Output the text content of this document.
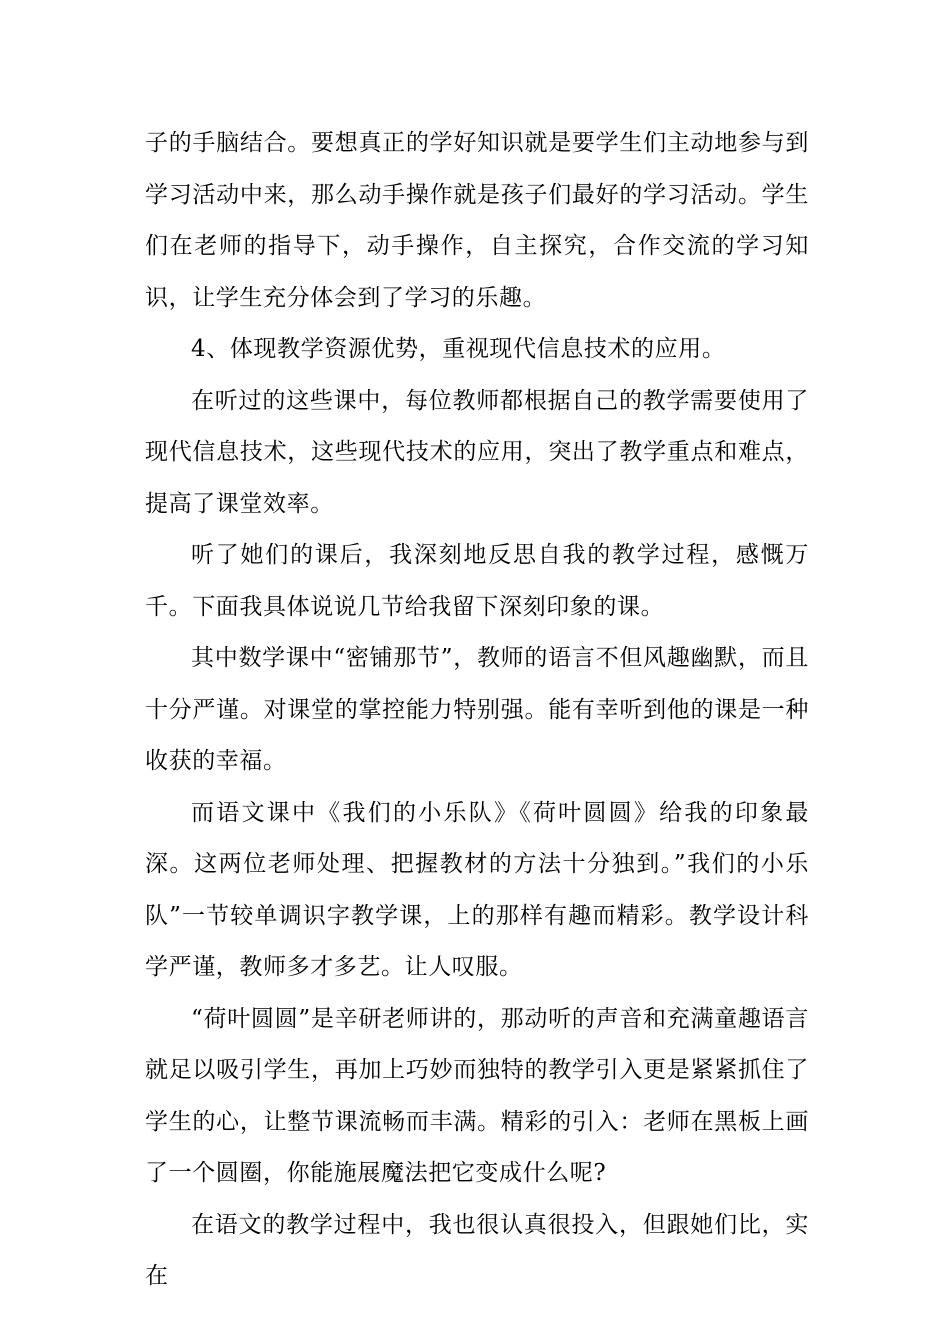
子的手脑结合。要想真正的学好知识就是要学生们主动地参与到学习活动中来，那么动手操作就是孩子们最好的学习活动。学生们在老师的指导下，动手操作，自主探究，合作交流的学习知识，让学生充分体会到了学习的乐趣。

4、体现教学资源优势，重视现代信息技术的应用。

在听过的这些课中，每位教师都根据自己的教学需要使用了现代信息技术，这些现代技术的应用，突出了教学重点和难点，提高了课堂效率。

听了她们的课后，我深刻地反思自我的教学过程，感慨万千。下面我具体说说几节给我留下深刻印象的课。

其中数学课中“密铺那节”，教师的语言不但风趣幽默，而且十分严谨。对课堂的掌控能力特别强。能有幸听到他的课是一种收获的幸福。

而语文课中《我们的小乐队》《荷叶圆圆》给我的印象最深。这两位老师处理、把握教材的方法十分独到。”我们的小乐队”一节较单调识字教学课，上的那样有趣而精彩。教学设计科学严谨，教师多才多艺。让人叹服。

“荷叶圆圆”是辛研老师讲的，那动听的声音和充满童趣语言就足以吸引学生，再加上巧妙而独特的教学引入更是紧紧抓住了学生的心，让整节课流畅而丰满。精彩的引入：老师在黑板上画了一个圆圈，你能施展魔法把它变成什么呢?

在语文的教学过程中，我也很认真很投入，但跟她们比，实在
